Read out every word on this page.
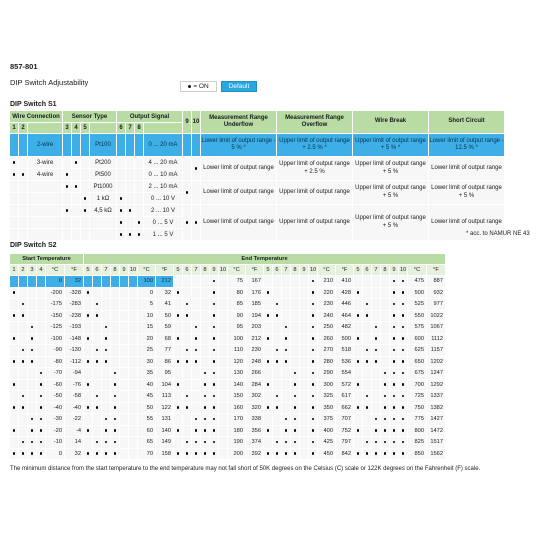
857-801
DIP Switch Adjustability	= ON	Default
DIP Switch S1
Wire Connection			Sensor Type				Output Signal				9	10	Measurement Range Underflow	Measurement Range Overflow	Wire Break	Short Circuit
1	2		3	4	5		6	7	8							
		2-wire				Pt100				0 ... 20 mA			Lower limit of output range - 5 % *	Upper limit of output range + 2.5 % *	Upper limit of output range + 5 % *	Lower limit of output range - 12.5 % *
		3-wire				Pt200				4 ... 20 mA			Lower limit of output range	Upper limit of output range + 2.5 %	Upper limit of output range + 5 %	Lower limit of output range
		4-wire				Pt500				0 ... 10 mA						
						Pt1000				2 ... 10 mA			Lower limit of output range	Upper limit of output range	Upper limit of output range + 5 %	Lower limit of output range + 5 %
						1 kΩ				0 ... 10 V						
						4,5 kΩ				2 ... 10 V			Lower limit of output range	Upper limit of output range	Upper limit of output range + 5 %	Lower limit of output range
										0 ... 5 V						
										1 ... 5 V							* acc. to NAMUR NE 43
DIP Switch S2
Start Temperature						End Temperature																															
1	2	3	4	°C	°F	5	6	7	8	9	10	°C	°F	5	6	7	8	9	10	°C	°F	5	6	7	8	9	10	°C	°F	5	6	7	8	9	10	°C	°F
				0	32							100	212							75	167							210	410							475	887
				-200	-328							0	32							80	176							220	428							500	932
				-175	-283							5	41							85	185							230	446							525	977
				-150	-238							10	50							90	194							240	464							550	1022
				-125	-193							15	59							95	203							250	482							575	1067
				-100	-148							20	68							100	212							260	500							600	1112
				-90	-130							25	77							110	230							270	518							625	1157
				-80	-112							30	86							120	248							280	536							650	1202
				-70	-94							35	95							130	266							290	554							675	1247
				-60	-76							40	104							140	284							300	572							700	1292
				-50	-58							45	113							150	302							325	617							725	1337
				-40	-40							50	122							160	320							350	662							750	1382
				-30	-22							55	131							170	338							375	707							775	1427
				-20	-4							60	140							180	356							400	752							800	1472
				-10	14							65	149							190	374							425	797							825	1517
				0	32							70	158							200	392							450	842							850	1562
The minimum distance from the start temperature to the end temperature may not fall short of 50K degrees on the Celsius (C) scale or 122K degrees on the Fahrenheit (F) scale.
